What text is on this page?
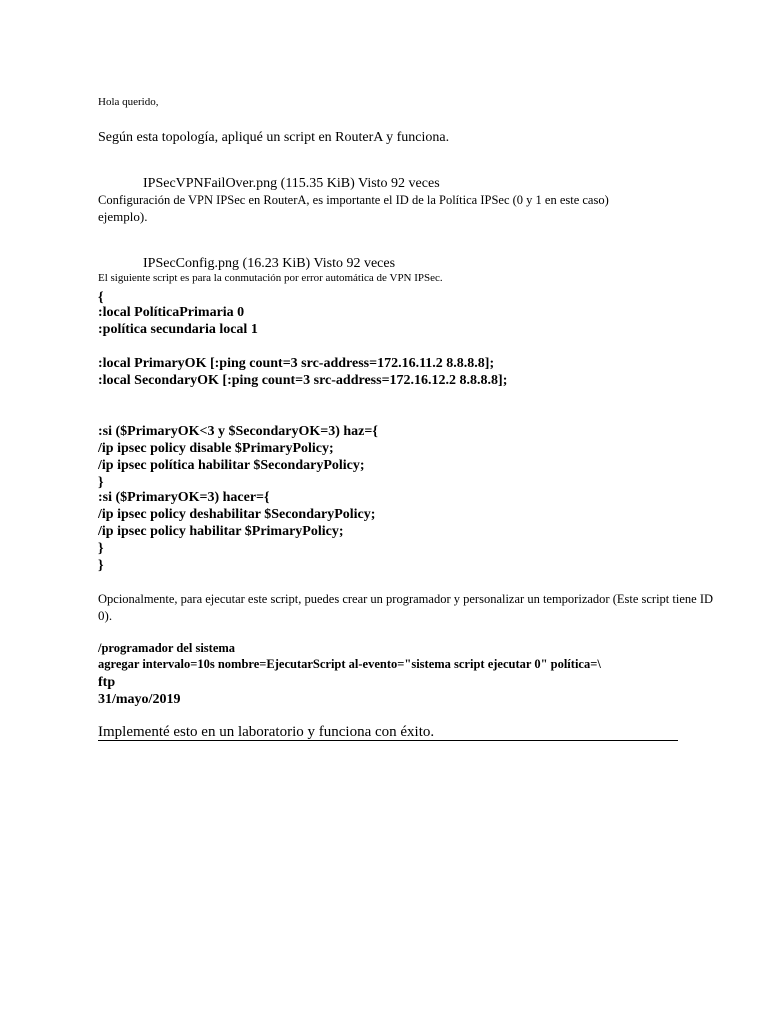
Hola querido,
Según esta topología, apliqué un script en RouterA y funciona.
IPSecVPNFailOver.png (115.35 KiB) Visto 92 veces
Configuración de VPN IPSec en RouterA, es importante el ID de la Política IPSec (0 y 1 en este caso)
ejemplo).
IPSecConfig.png (16.23 KiB) Visto 92 veces
El siguiente script es para la conmutación por error automática de VPN IPSec.
{
:local PolíticaPrimaria 0
:política secundaria local 1
:local PrimaryOK [:ping count=3 src-address=172.16.11.2 8.8.8.8];
:local SecondaryOK [:ping count=3 src-address=172.16.12.2 8.8.8.8];
:si ($PrimaryOK<3 y $SecondaryOK=3) haz={
/ip ipsec policy disable $PrimaryPolicy;
/ip ipsec política habilitar $SecondaryPolicy;
}
:si ($PrimaryOK=3) hacer={
/ip ipsec policy deshabilitar $SecondaryPolicy;
/ip ipsec policy habilitar $PrimaryPolicy;
}
}
Opcionalmente, para ejecutar este script, puedes crear un programador y personalizar un temporizador (Este script tiene ID
0).
/programador del sistema
agregar intervalo=10s nombre=EjecutarScript al-evento="sistema script ejecutar 0" política=\
ftp
31/mayo/2019
Implementé esto en un laboratorio y funciona con éxito.
